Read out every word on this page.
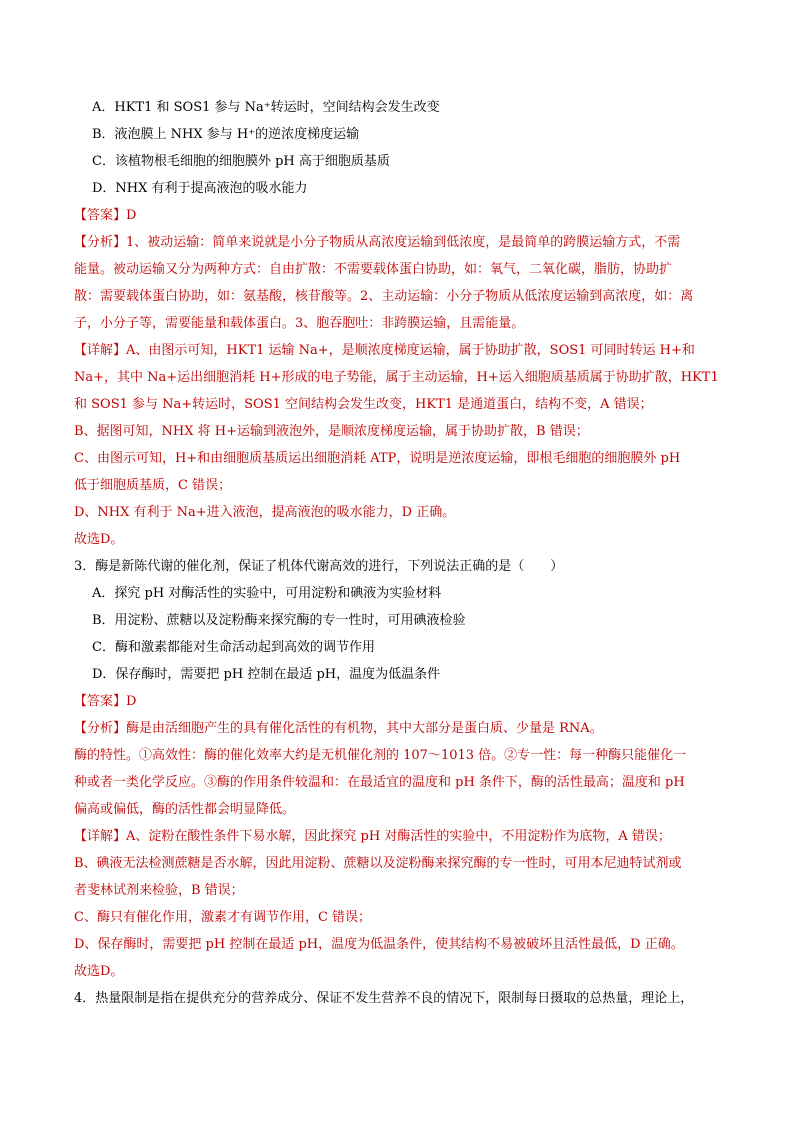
A．HKT1 和 SOS1 参与 Na⁺转运时，空间结构会发生改变
B．液泡膜上 NHX 参与 H⁺的逆浓度梯度运输
C．该植物根毛细胞的细胞膜外 pH 高于细胞质基质
D．NHX 有利于提高液泡的吸水能力
【答案】D
【分析】1、被动运输：简单来说就是小分子物质从高浓度运输到低浓度，是最简单的跨膜运输方式，不需
能量。被动运输又分为两种方式：自由扩散：不需要载体蛋白协助，如：氧气，二氧化碳，脂肪，协助扩
散：需要载体蛋白协助，如：氨基酸，核苷酸等。2、主动运输：小分子物质从低浓度运输到高浓度，如：离
子，小分子等，需要能量和载体蛋白。3、胞吞胞吐：非跨膜运输，且需能量。
【详解】A、由图示可知，HKT1 运输 Na+，是顺浓度梯度运输，属于协助扩散，SOS1 可同时转运 H+和
Na+，其中 Na+运出细胞消耗 H+形成的电子势能，属于主动运输，H+运入细胞质基质属于协助扩散，HKT1
和 SOS1 参与 Na+转运时，SOS1 空间结构会发生改变，HKT1 是通道蛋白，结构不变，A 错误；
B、据图可知，NHX 将 H+运输到液泡外，是顺浓度梯度运输，属于协助扩散，B 错误；
C、由图示可知，H+和由细胞质基质运出细胞消耗 ATP，说明是逆浓度运输，即根毛细胞的细胞膜外 pH
低于细胞质基质，C 错误；
D、NHX 有利于 Na+进入液泡，提高液泡的吸水能力，D 正确。
故选D。
3．酶是新陈代谢的催化剂，保证了机体代谢高效的进行，下列说法正确的是（　　）
A．探究 pH 对酶活性的实验中，可用淀粉和碘液为实验材料
B．用淀粉、蔗糖以及淀粉酶来探究酶的专一性时，可用碘液检验
C．酶和激素都能对生命活动起到高效的调节作用
D．保存酶时，需要把 pH 控制在最适 pH，温度为低温条件
【答案】D
【分析】酶是由活细胞产生的具有催化活性的有机物，其中大部分是蛋白质、少量是 RNA。
酶的特性。①高效性：酶的催化效率大约是无机催化剂的 107～1013 倍。②专一性：每一种酶只能催化一
种或者一类化学反应。③酶的作用条件较温和：在最适宜的温度和 pH 条件下，酶的活性最高；温度和 pH
偏高或偏低，酶的活性都会明显降低。
【详解】A、淀粉在酸性条件下易水解，因此探究 pH 对酶活性的实验中，不用淀粉作为底物，A 错误；
B、碘液无法检测蔗糖是否水解，因此用淀粉、蔗糖以及淀粉酶来探究酶的专一性时，可用本尼迪特试剂或
者斐林试剂来检验，B 错误；
C、酶只有催化作用，激素才有调节作用，C 错误；
D、保存酶时，需要把 pH 控制在最适 pH，温度为低温条件，使其结构不易被破坏且活性最低，D 正确。
故选D。
4．热量限制是指在提供充分的营养成分、保证不发生营养不良的情况下，限制每日摄取的总热量，理论上，
